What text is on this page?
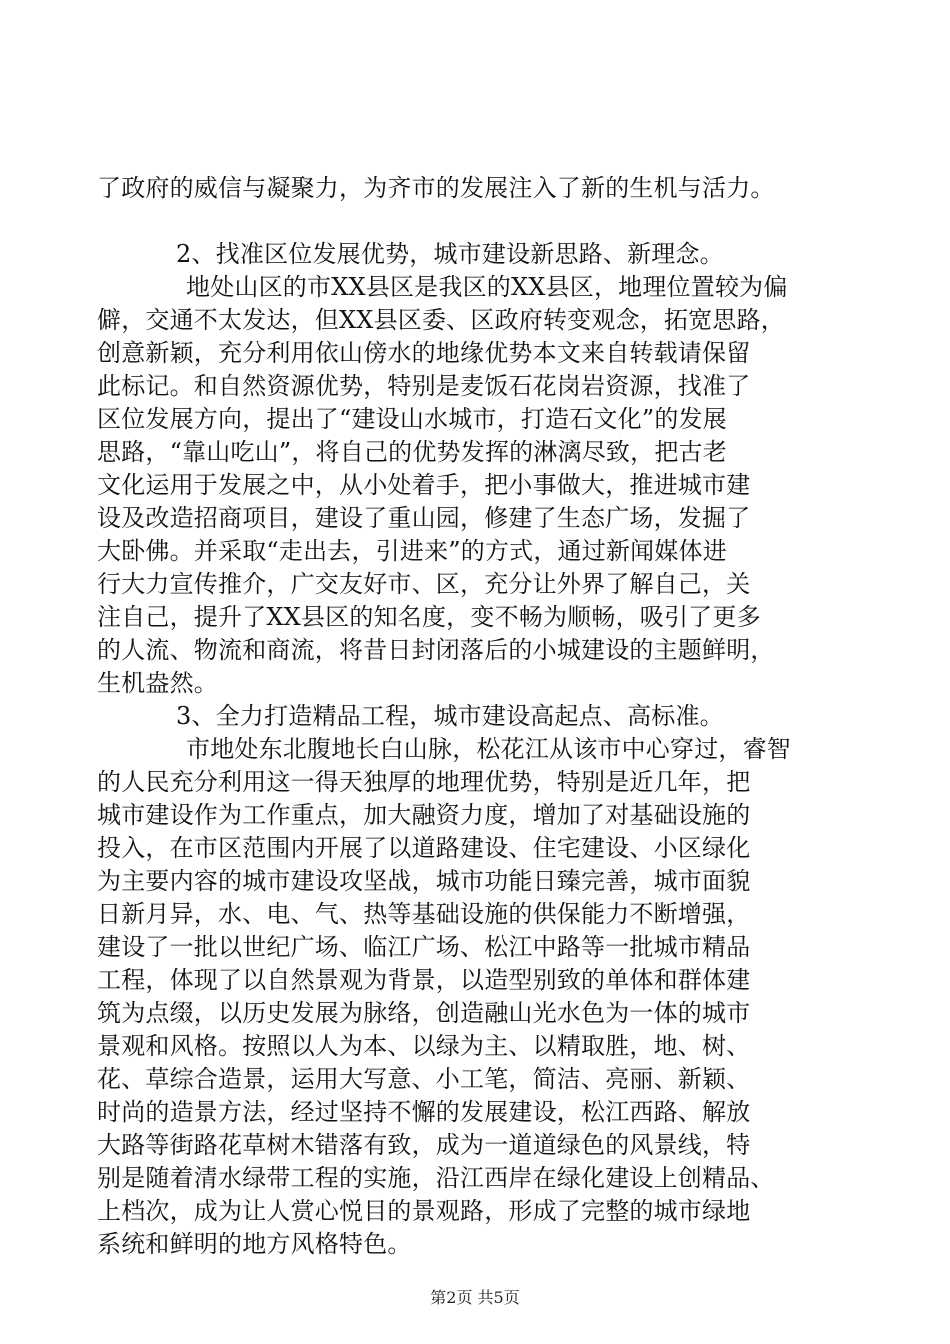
了政府的威信与凝聚力，为齐市的发展注入了新的生机与活力。
2、找准区位发展优势，城市建设新思路、新理念。
地处山区的市XX县区是我区的XX县区，地理位置较为偏
僻，交通不太发达，但XX县区委、区政府转变观念，拓宽思路，
创意新颖，充分利用依山傍水的地缘优势本文来自转载请保留
此标记。和自然资源优势，特别是麦饭石花岗岩资源，找准了
区位发展方向，提出了“建设山水城市，打造石文化”的发展
思路，“靠山吃山”，将自己的优势发挥的淋漓尽致，把古老
文化运用于发展之中，从小处着手，把小事做大，推进城市建
设及改造招商项目，建设了重山园，修建了生态广场，发掘了
大卧佛。并采取“走出去，引进来”的方式，通过新闻媒体进
行大力宣传推介，广交友好市、区，充分让外界了解自己，关
注自己，提升了XX县区的知名度，变不畅为顺畅，吸引了更多
的人流、物流和商流，将昔日封闭落后的小城建设的主题鲜明，
生机盎然。
3、全力打造精品工程，城市建设高起点、高标准。
市地处东北腹地长白山脉，松花江从该市中心穿过，睿智
的人民充分利用这一得天独厚的地理优势，特别是近几年，把
城市建设作为工作重点，加大融资力度，增加了对基础设施的
投入，在市区范围内开展了以道路建设、住宅建设、小区绿化
为主要内容的城市建设攻坚战，城市功能日臻完善，城市面貌
日新月异，水、电、气、热等基础设施的供保能力不断增强，
建设了一批以世纪广场、临江广场、松江中路等一批城市精品
工程，体现了以自然景观为背景，以造型别致的单体和群体建
筑为点缀，以历史发展为脉络，创造融山光水色为一体的城市
景观和风格。按照以人为本、以绿为主、以精取胜，地、树、
花、草综合造景，运用大写意、小工笔，简洁、亮丽、新颖、
时尚的造景方法，经过坚持不懈的发展建设，松江西路、解放
大路等街路花草树木错落有致，成为一道道绿色的风景线，特
别是随着清水绿带工程的实施，沿江西岸在绿化建设上创精品、
上档次，成为让人赏心悦目的景观路，形成了完整的城市绿地
系统和鲜明的地方风格特色。
第2页 共5页
